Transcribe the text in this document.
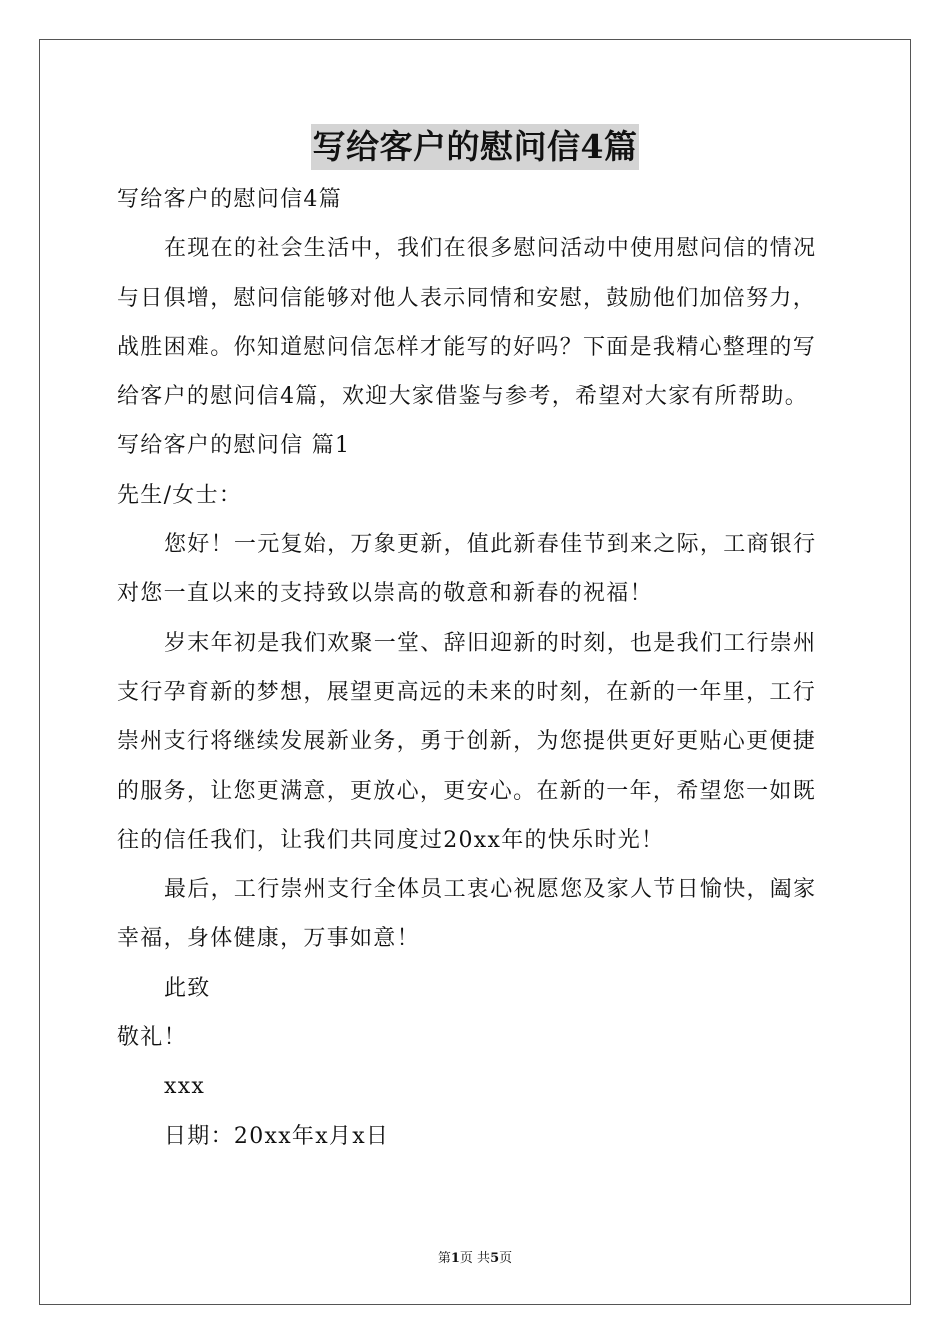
写给客户的慰问信4篇

写给客户的慰问信4篇

在现在的社会生活中，我们在很多慰问活动中使用慰问信的情况

与日俱增，慰问信能够对他人表示同情和安慰，鼓励他们加倍努力，

战胜困难。你知道慰问信怎样才能写的好吗？下面是我精心整理的写

给客户的慰问信4篇，欢迎大家借鉴与参考，希望对大家有所帮助。

写给客户的慰问信 篇1

先生/女士：

您好！一元复始，万象更新，值此新春佳节到来之际，工商银行

对您一直以来的支持致以崇高的敬意和新春的祝福！

岁末年初是我们欢聚一堂、辞旧迎新的时刻，也是我们工行崇州

支行孕育新的梦想，展望更高远的未来的时刻，在新的一年里，工行

崇州支行将继续发展新业务，勇于创新，为您提供更好更贴心更便捷

的服务，让您更满意，更放心，更安心。在新的一年，希望您一如既

往的信任我们，让我们共同度过20xx年的快乐时光！

最后，工行崇州支行全体员工衷心祝愿您及家人节日愉快，阖家

幸福，身体健康，万事如意！

此致

敬礼！

xxx

日期：20xx年x月x日

第1页 共5页
